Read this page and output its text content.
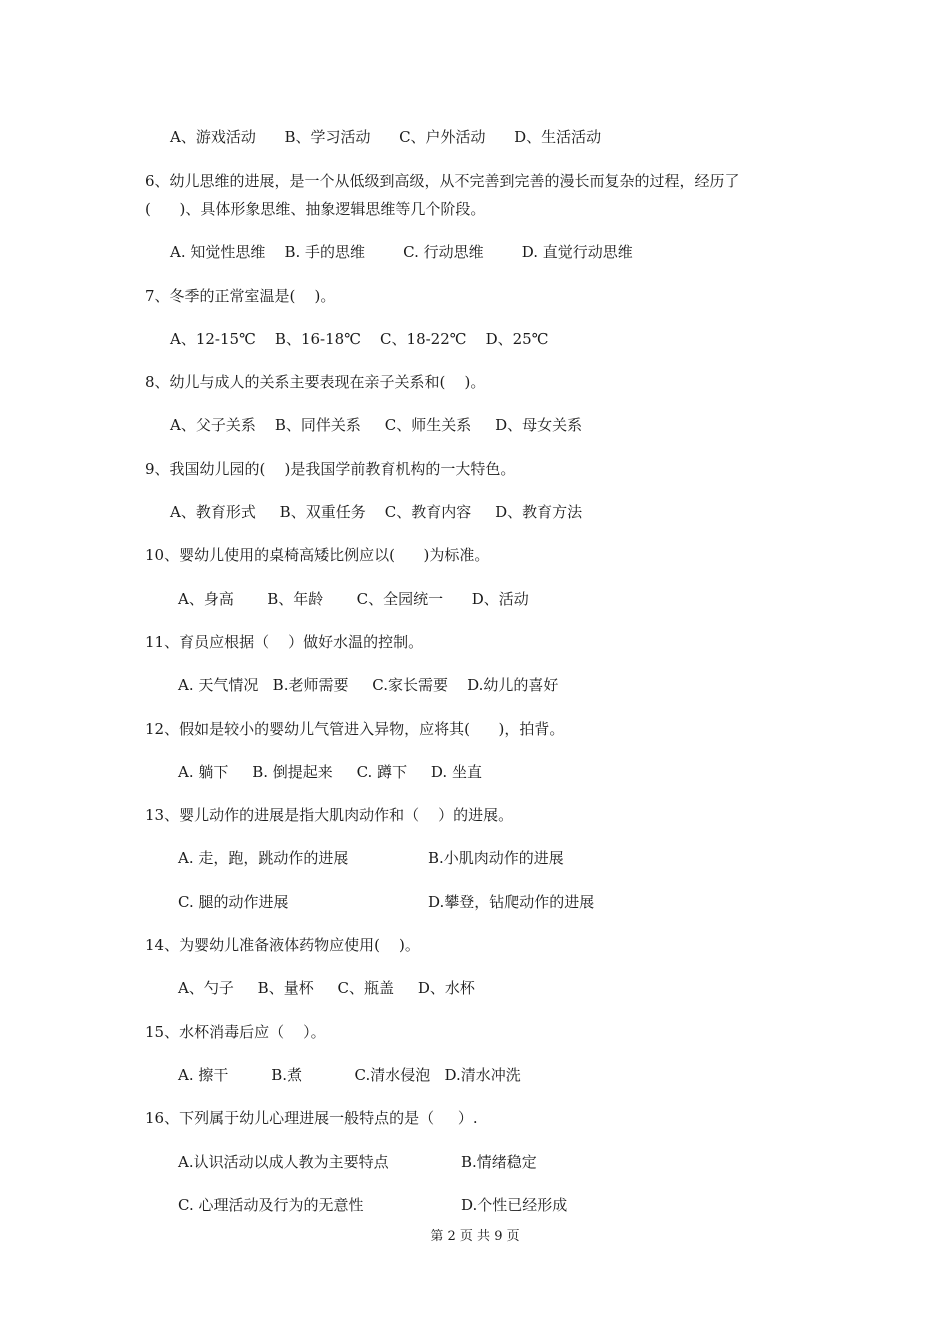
A、游戏活动      B、学习活动      C、户外活动      D、生活活动
6、幼儿思维的进展，是一个从低级到高级，从不完善到完善的漫长而复杂的过程，经历了
(      )、具体形象思维、抽象逻辑思维等几个阶段。
A. 知觉性思维    B. 手的思维        C. 行动思维        D. 直觉行动思维
7、冬季的正常室温是(    )。
A、12-15℃    B、16-18℃    C、18-22℃    D、25℃
8、幼儿与成人的关系主要表现在亲子关系和(    )。
A、父子关系    B、同伴关系     C、师生关系     D、母女关系
9、我国幼儿园的(    )是我国学前教育机构的一大特色。
A、教育形式     B、双重任务    C、教育内容     D、教育方法
10、婴幼儿使用的桌椅高矮比例应以(      )为标准。
A、身高       B、年龄       C、全园统一      D、活动
11、育员应根据（    ）做好水温的控制。
A. 天气情况   B.老师需要     C.家长需要    D.幼儿的喜好
12、假如是较小的婴幼儿气管进入异物，应将其(      )，拍背。
A. 躺下     B. 倒提起来     C. 蹲下     D. 坐直
13、婴儿动作的进展是指大肌肉动作和（    ）的进展。
A. 走，跑，跳动作的进展	B.小肌肉动作的进展
C. 腿的动作进展	D.攀登，钻爬动作的进展
14、为婴幼儿准备液体药物应使用(    )。
A、勺子     B、量杯     C、瓶盖     D、水杯
15、水杯消毒后应（    ）。
A. 擦干         B.煮           C.清水侵泡   D.清水冲洗
16、下列属于幼儿心理进展一般特点的是（     ）.
A.认识活动以成人教为主要特点	B.情绪稳定
C. 心理活动及行为的无意性	D.个性已经形成
第 2 页 共 9 页
